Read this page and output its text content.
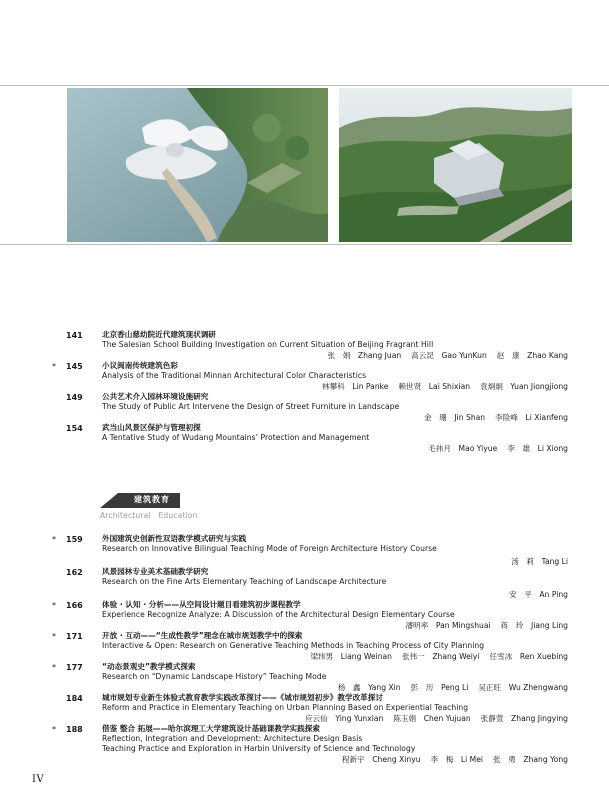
141	北京香山慈幼院近代建筑现状调研
The Salesian School Building Investigation on Current Situation of Beijing Fragrant Hill
张　娟　Zhang Juan　 高云昆　Gao YunKun　 赵　康　Zhao Kang
* 145	小议闽南传统建筑色彩
Analysis of the Traditional Minnan Architectural Color Characteristics
林攀科　Lin Panke　 赖世贤　Lai Shixian　 袁炯炯　Yuan Jiongjiong
149	公共艺术介入园林环境设施研究
The Study of Public Art Intervene the Design of Street Furniture in Landscape
金　珊　Jin Shan　 李险峰　Li Xianfeng
154	武当山风景区保护与管理初探
A Tentative Study of Wudang Mountains’ Protection and Management
毛祎月　Mao Yiyue　 李　雄　Li Xiong
建筑教育
Architectural　Education
* 159	外国建筑史创新性双语教学模式研究与实践
Research on Innovative Bilingual Teaching Mode of Foreign Architecture History Course
汤　莉　Tang Li
162	风景园林专业美术基础教学研究
Research on the Fine Arts Elementary Teaching of Landscape Architecture
安　平　An Ping
* 166	体验 · 认知 · 分析——从空间设计题目看建筑初步课程教学
Experience Recognize Analyze: A Discussion of the Architectural Design Elementary Course
潘明率　Pan Mingshuai　 蒋　玲　Jiang Ling
* 171	开放 · 互动——“生成性教学”理念在城市规划教学中的探索
Interactive & Open: Research on Generative Teaching Methods in Teaching Process of City Planning
梁玮男　Liang Weinan　 张伟一　Zhang Weiyi　 任雪冰　Ren Xuebing
* 177	“动态景观史”教学模式探索
Research on “Dynamic Landscape History” Teaching Mode
杨　鑫　Yang Xin　 彭　历　Peng Li　 吴正旺　Wu Zhengwang
184	城市规划专业新生体验式教育教学实践改革探讨——《城市规划初步》教学改革探讨
Reform and Practice in Elementary Teaching on Urban Planning Based on Experiential Teaching
应云仙　Ying Yunxian　 陈玉娟　Chen Yujuan　 张静萱　Zhang Jingying
* 188	借鉴 整合 拓展——哈尔滨理工大学建筑设计基础课教学实践探索
Reflection, Integration and Development: Architecture Design Basis
Teaching Practice and Exploration in Harbin University of Science and Technology
程新宇　Cheng Xinyu　 李　梅　Li Mei　 张　勇　Zhang Yong
IV
